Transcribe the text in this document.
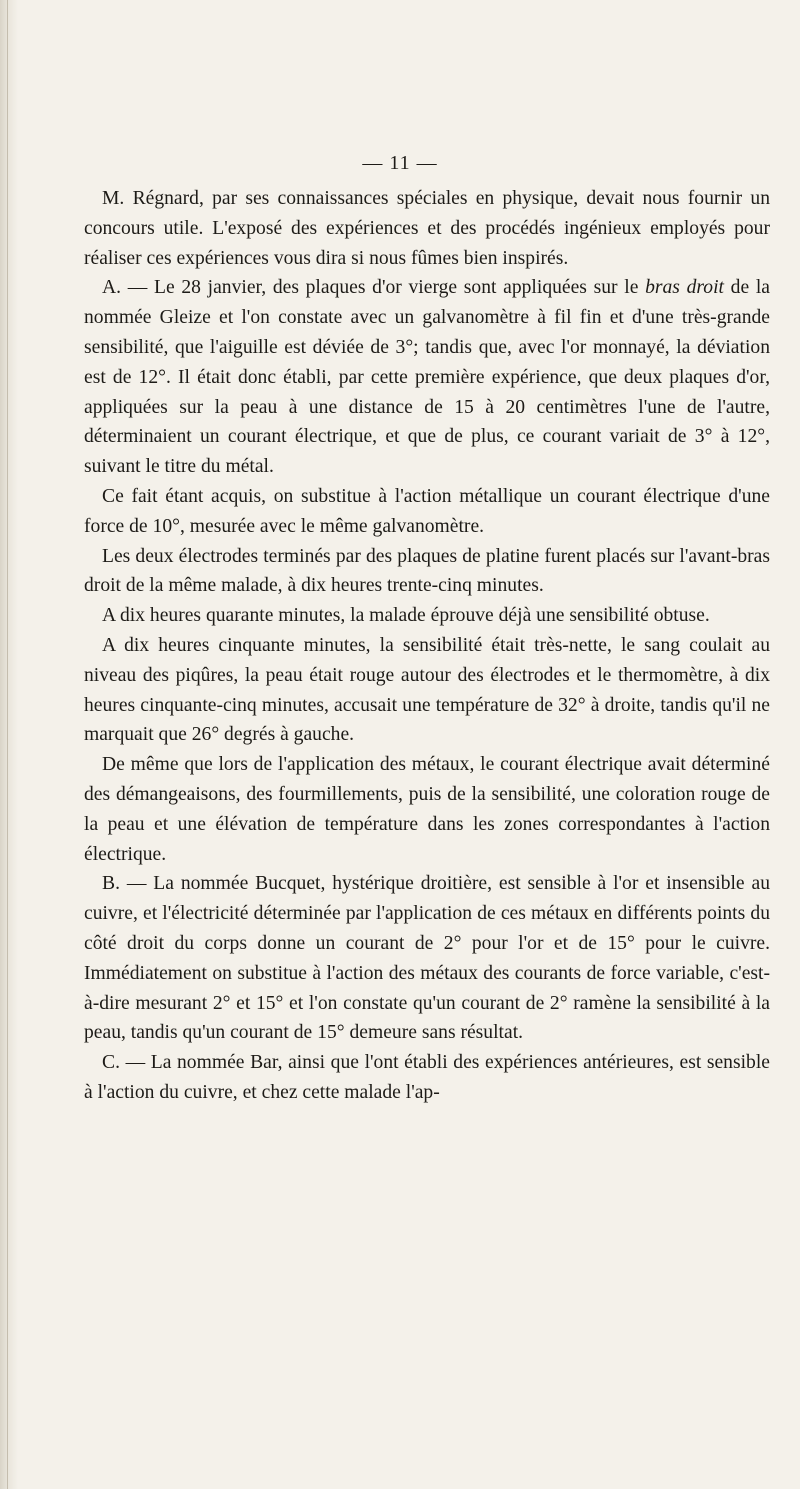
— 11 —

M. Régnard, par ses connaissances spéciales en physique, devait nous fournir un concours utile. L'exposé des expériences et des procédés ingénieux employés pour réaliser ces expériences vous dira si nous fûmes bien inspirés.

A. — Le 28 janvier, des plaques d'or vierge sont appliquées sur le bras droit de la nommée Gleize et l'on constate avec un galvanomètre à fil fin et d'une très-grande sensibilité, que l'aiguille est déviée de 3°; tandis que, avec l'or monnayé, la déviation est de 12°. Il était donc établi, par cette première expérience, que deux plaques d'or, appliquées sur la peau à une distance de 15 à 20 centimètres l'une de l'autre, déterminaient un courant électrique, et que de plus, ce courant variait de 3° à 12°, suivant le titre du métal.

Ce fait étant acquis, on substitue à l'action métallique un courant électrique d'une force de 10°, mesurée avec le même galvanomètre.

Les deux électrodes terminés par des plaques de platine furent placés sur l'avant-bras droit de la même malade, à dix heures trente-cinq minutes.

A dix heures quarante minutes, la malade éprouve déjà une sensibilité obtuse.

A dix heures cinquante minutes, la sensibilité était très-nette, le sang coulait au niveau des piqûres, la peau était rouge autour des électrodes et le thermomètre, à dix heures cinquante-cinq minutes, accusait une température de 32° à droite, tandis qu'il ne marquait que 26° degrés à gauche.

De même que lors de l'application des métaux, le courant électrique avait déterminé des démangeaisons, des fourmillements, puis de la sensibilité, une coloration rouge de la peau et une élévation de température dans les zones correspondantes à l'action électrique.

B. — La nommée Bucquet, hystérique droitière, est sensible à l'or et insensible au cuivre, et l'électricité déterminée par l'application de ces métaux en différents points du côté droit du corps donne un courant de 2° pour l'or et de 15° pour le cuivre. Immédiatement on substitue à l'action des métaux des courants de force variable, c'est-à-dire mesurant 2° et 15° et l'on constate qu'un courant de 2° ramène la sensibilité à la peau, tandis qu'un courant de 15° demeure sans résultat.

C. — La nommée Bar, ainsi que l'ont établi des expériences antérieures, est sensible à l'action du cuivre, et chez cette malade l'ap-
